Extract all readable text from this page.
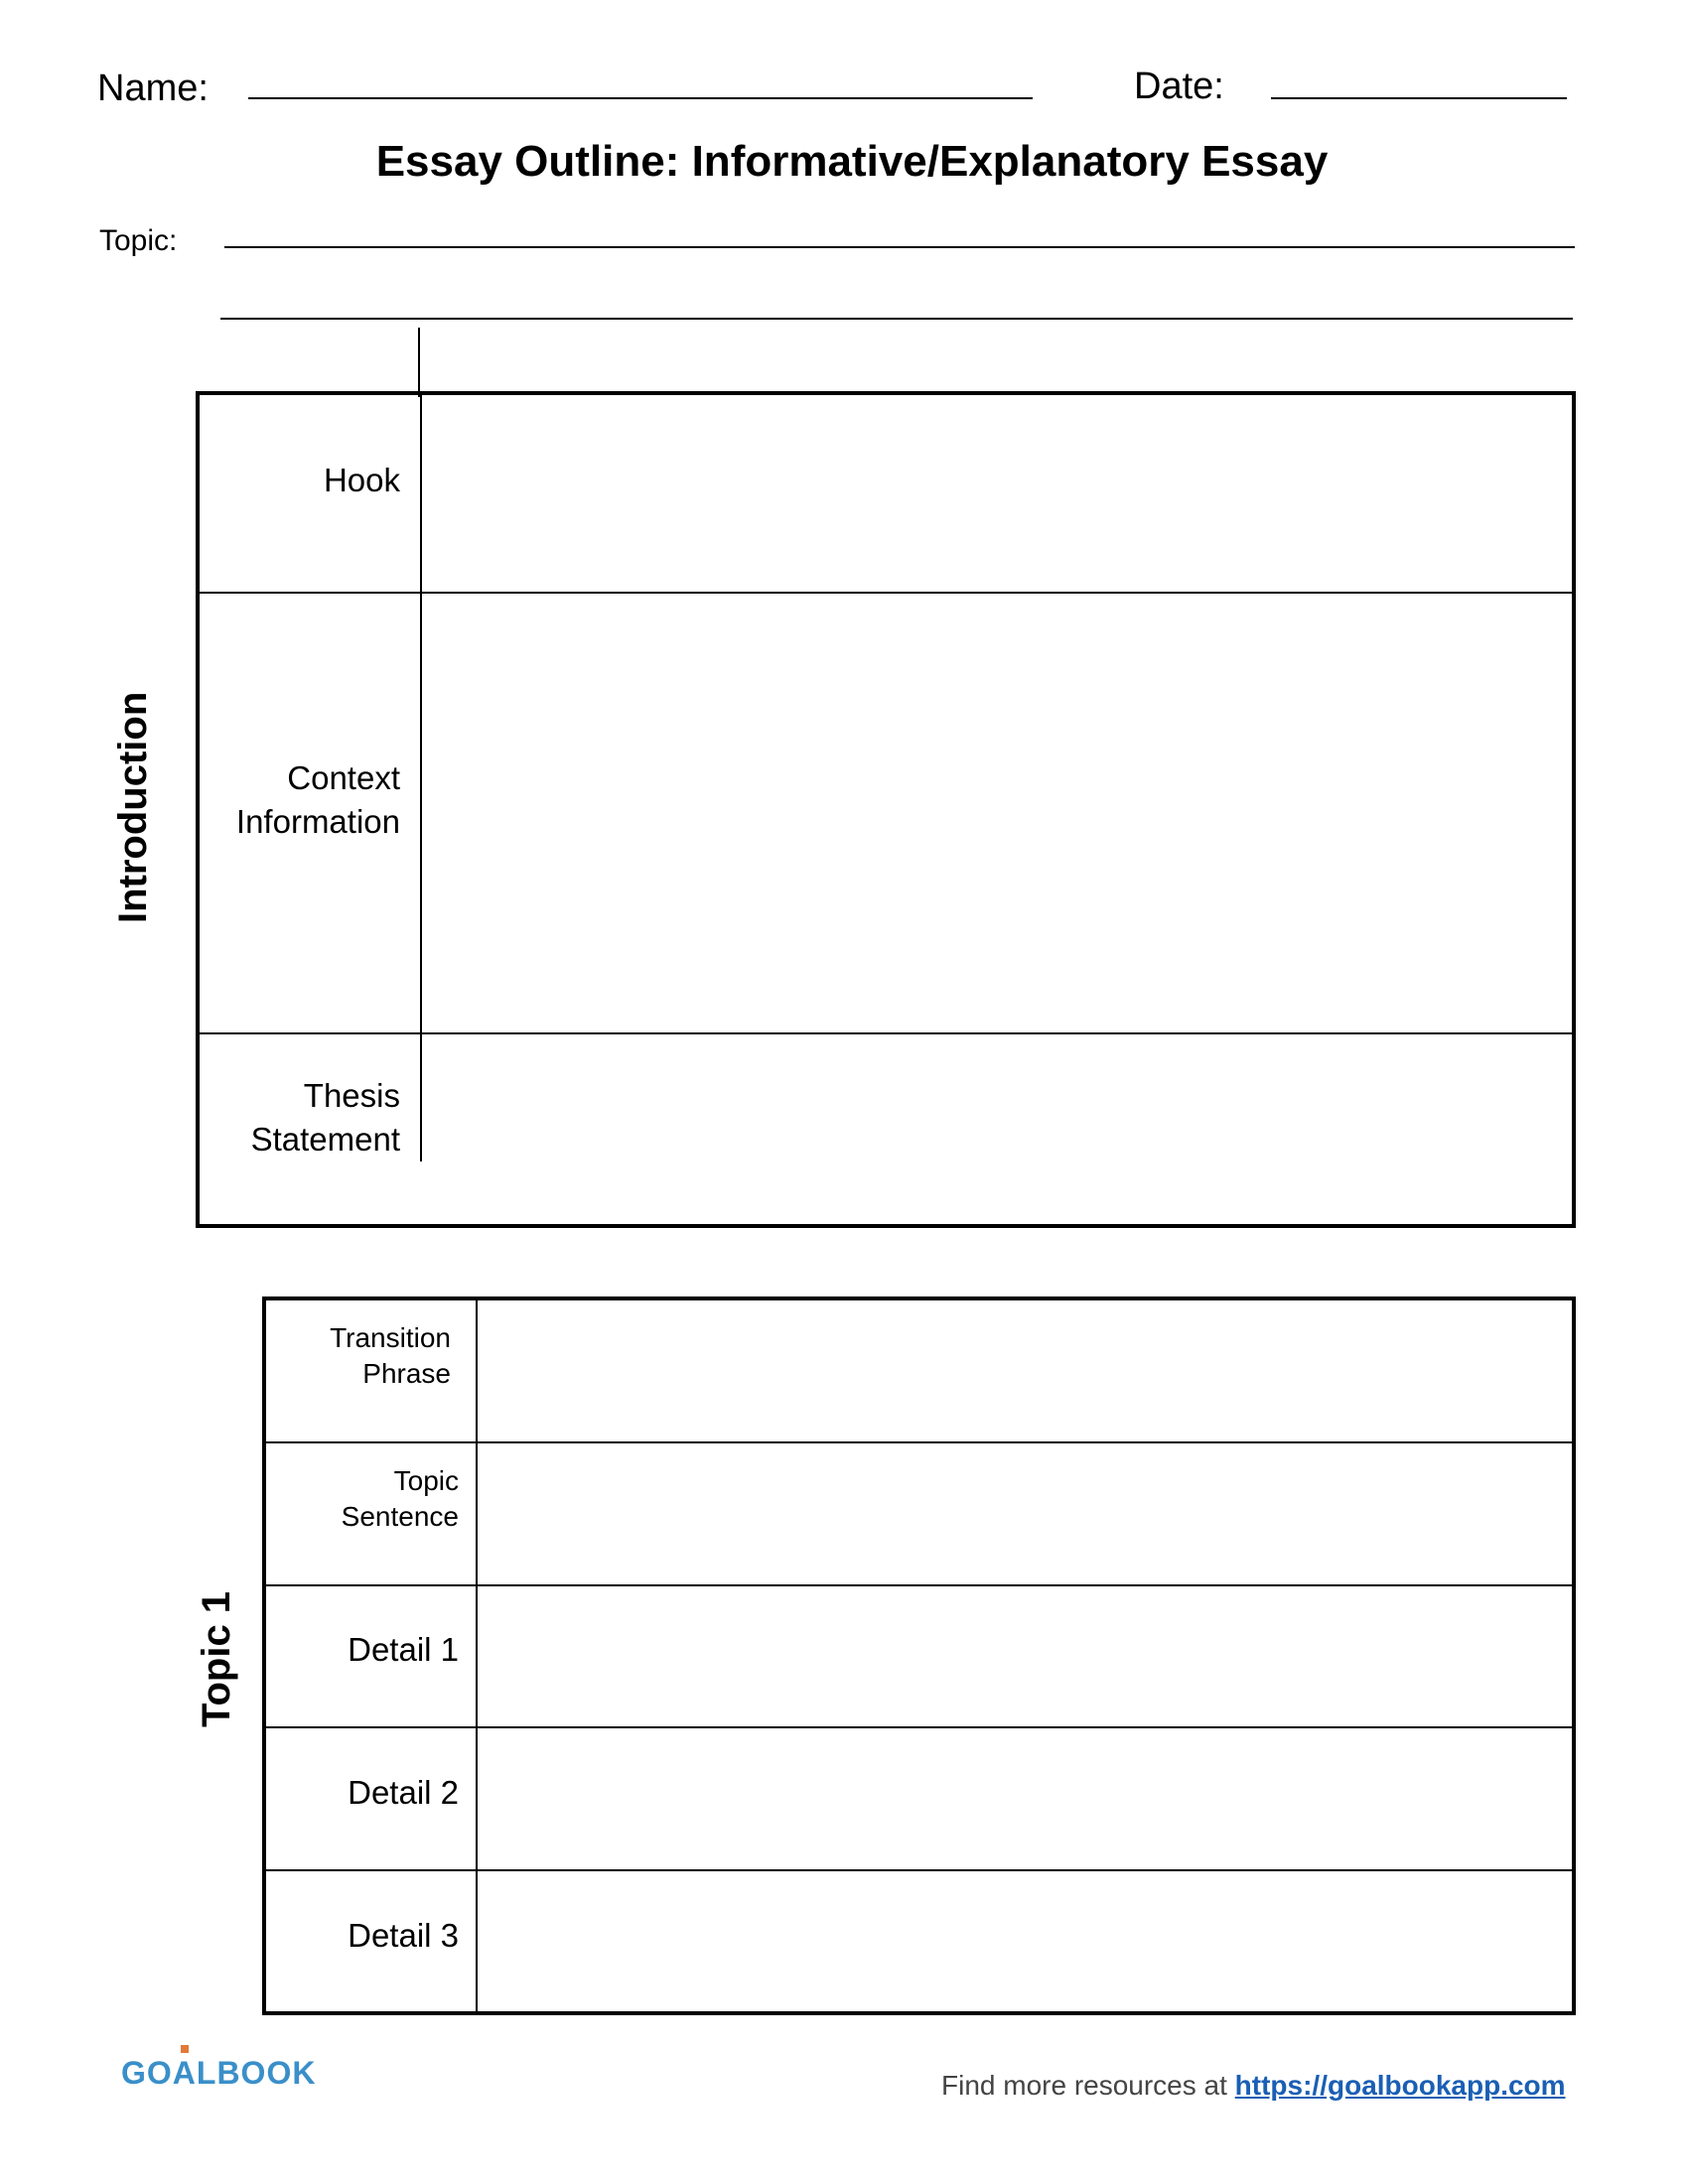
Name:	Date:
Essay Outline: Informative/Explanatory Essay
Topic:
Hook
Context
Information
Thesis
Statement
Introduction
Transition
Phrase
Topic
Sentence
Detail 1
Detail 2
Detail 3
Topic 1
GOALBOOK	Find more resources at https://goalbookapp.com
